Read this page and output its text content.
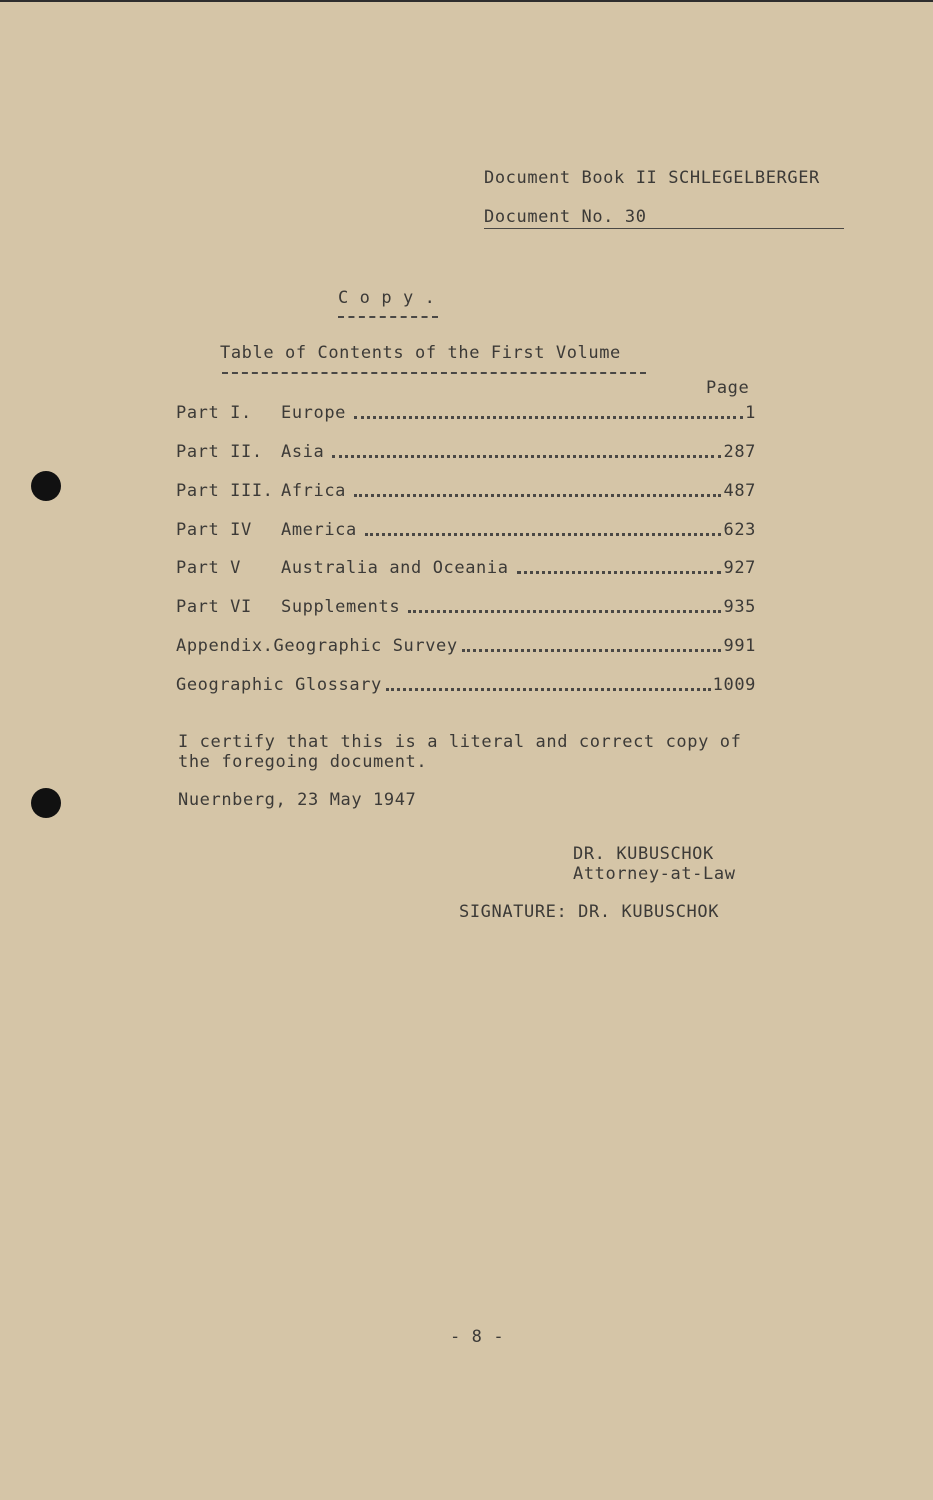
Document Book II SCHLEGELBERGER
Document No. 30
C o p y .
Table of Contents of the First Volume
Page
Part I.	Europe	1
Part II.	Asia	287
Part III. Africa	487
Part IV	America	623
Part V	Australia and Oceania	927
Part VI	Supplements	935
Appendix.Geographic Survey	991
Geographic Glossary	1009
I certify that this is a literal and correct copy of
the foregoing document.
Nuernberg, 23 May 1947
DR. KUBUSCHOK
Attorney-at-Law
SIGNATURE: DR. KUBUSCHOK
- 8 -
